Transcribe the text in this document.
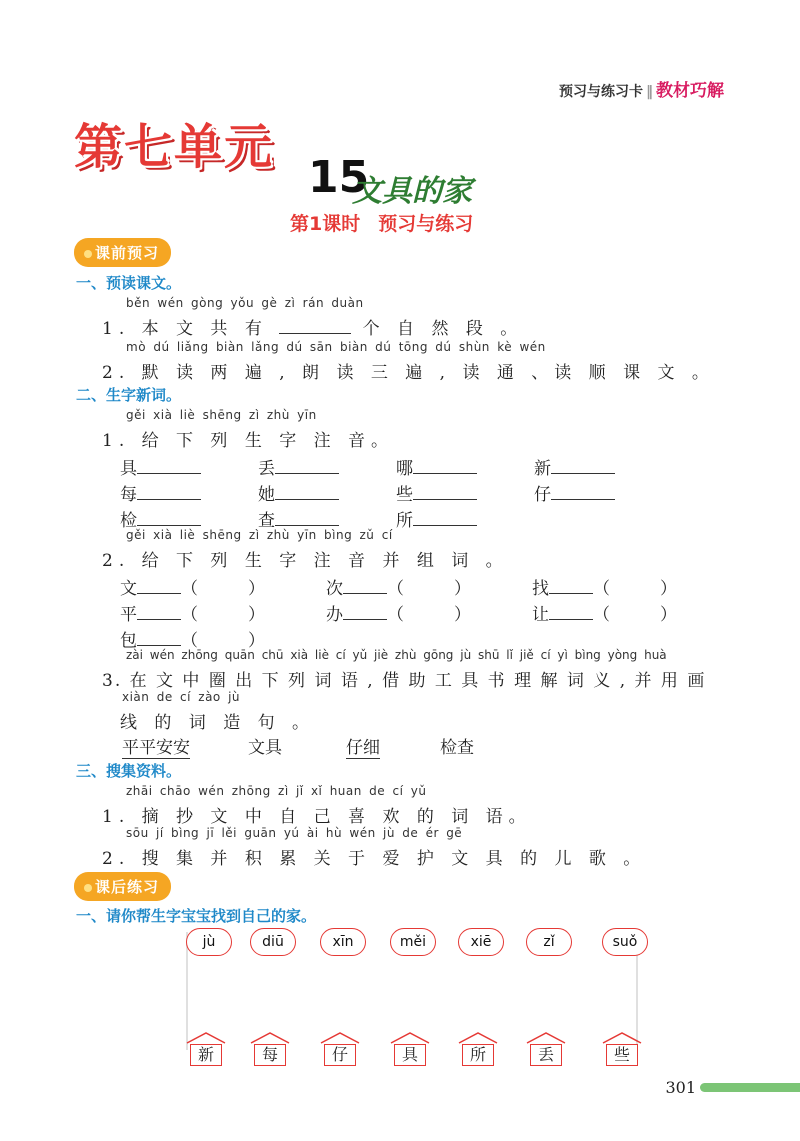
预习与练习卡 ‖ 教材巧解
第七单元
15
文具的家
第1课时 预习与练习
课前预习
一、预读课文。
běn wén gòng yǒu gè zì rán duàn
1. 本 文 共 有	个 自 然 段 。
mò dú liǎng biàn lǎng dú sān biàn dú tōng dú shùn kè wén
2. 默 读 两 遍 , 朗 读 三 遍 , 读 通 、读 顺 课 文 。
二、生字新词。
gěi xià liè shēng zì zhù yīn
1. 给 下 列 生 字 注 音。
具	丢	哪	新
每	她	些	仔
检	查	所
gěi xià liè shēng zì zhù yīn bìng zǔ cí
2. 给 下 列 生 字 注 音 并 组 词 。
文	（	）	次	（	）	找	（	）
平	（	）	办	（	）	让	（	）
包	（	）
zài wén zhōng quān chū xià liè cí yǔ jiè zhù gōng jù shū lǐ jiě cí yì bìng yòng huà
3. 在 文 中 圈 出 下 列 词 语 , 借 助 工 具 书 理 解 词 义 , 并 用 画
xiàn de cí zào jù
线 的 词 造 句 。
平平安安	文具	仔细	检查
三、搜集资料。
zhāi chāo wén zhōng zì jǐ xǐ huan de cí yǔ
1. 摘 抄 文 中 自 己 喜 欢 的 词 语。
sōu jí bìng jī lěi guān yú ài hù wén jù de ér gē
2. 搜 集 并 积 累 关 于 爱 护 文 具 的 儿 歌 。
课后练习
一、请你帮生字宝宝找到自己的家。
jù	diū	xīn	měi	xiē	zǐ	suǒ
新	每	仔	具	所	丢	些
301
